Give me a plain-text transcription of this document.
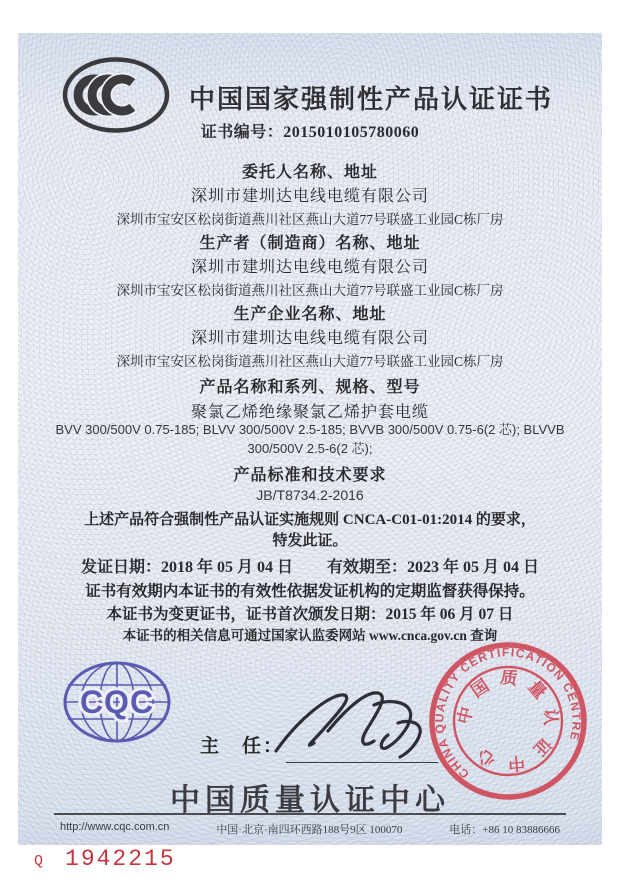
中国国家强制性产品认证证书
证书编号：2015010105780060
委托人名称、地址
深圳市建圳达电线电缆有限公司
深圳市宝安区松岗街道燕川社区燕山大道77号联盛工业园C栋厂房
生产者（制造商）名称、地址
深圳市建圳达电线电缆有限公司
深圳市宝安区松岗街道燕川社区燕山大道77号联盛工业园C栋厂房
生产企业名称、地址
深圳市建圳达电线电缆有限公司
深圳市宝安区松岗街道燕川社区燕山大道77号联盛工业园C栋厂房
产品名称和系列、规格、型号
聚氯乙烯绝缘聚氯乙烯护套电缆
BVV 300/500V 0.75-185; BLVV 300/500V 2.5-185; BVVB 300/500V 0.75-6(2 芯); BLVVB
300/500V 2.5-6(2 芯);
产品标准和技术要求
JB/T8734.2-2016
上述产品符合强制性产品认证实施规则 CNCA-C01-01:2014 的要求，
特发此证。
发证日期：2018 年 05 月 04 日 有效期至：2023 年 05 月 04 日
证书有效期内本证书的有效性依据发证机构的定期监督获得保持。
本证书为变更证书，证书首次颁发日期：2015 年 06 月 07 日
本证书的相关信息可通过国家认监委网站 www.cnca.gov.cn 查询
CQC
主　任：
CHINA QUALITY CERTIFICATION CENTRE
中国质量认证中心
中国质量认证中心
http://www.cqc.com.cn	中国·北京·南四环西路188号9区 100070	电话：+86 10 83886666
Q 1942215
